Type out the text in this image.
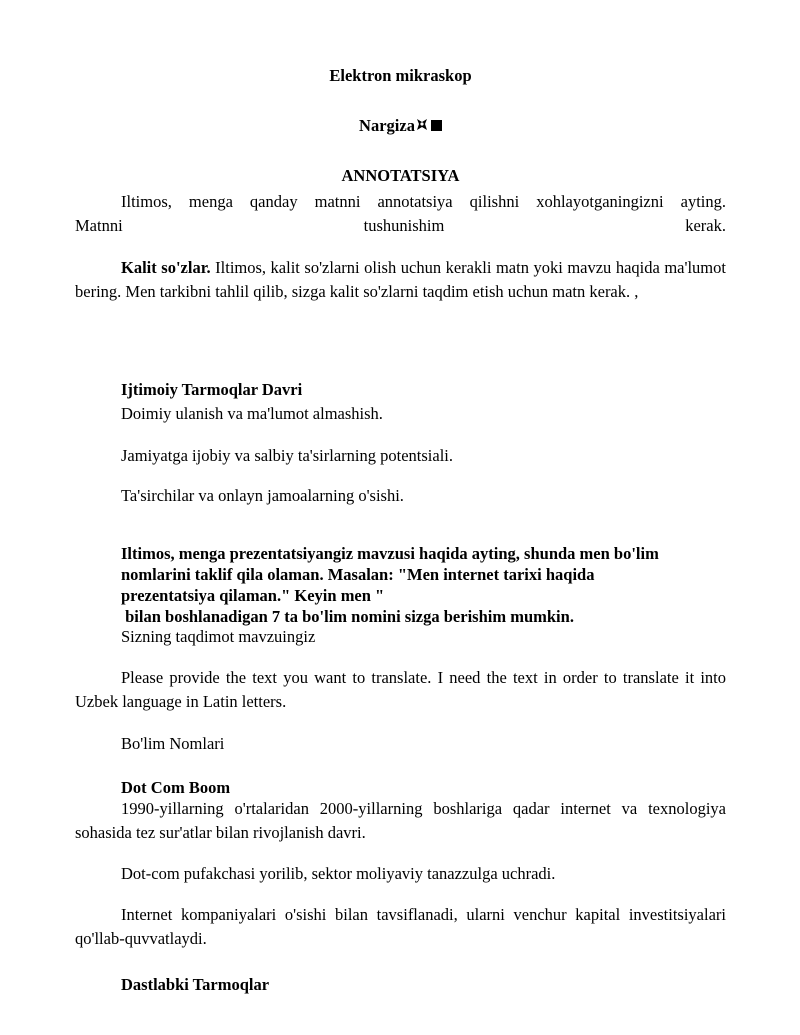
Elektron mikraskop
Nargiza
ANNOTATSIYA
Iltimos, menga qanday matnni annotatsiya qilishni xohlayotganingizni ayting.
Matnni tushunishim kerak.
Kalit so'zlar. Iltimos, kalit so'zlarni olish uchun kerakli matn yoki mavzu haqida ma'lumot bering. Men tarkibni tahlil qilib, sizga kalit so'zlarni taqdim etish uchun matn kerak. ,
Ijtimoiy Tarmoqlar Davri
Doimiy ulanish va ma'lumot almashish.
Jamiyatga ijobiy va salbiy ta'sirlarning potentsiali.
Ta'sirchilar va onlayn jamoalarning o'sishi.
Iltimos, menga prezentatsiyangiz mavzusi haqida ayting, shunda men bo'lim
nomlarini taklif qila olaman. Masalan: "Men internet tarixi haqida
prezentatsiya qilaman." Keyin men "
bilan boshlanadigan 7 ta bo'lim nomini sizga berishim mumkin.
Sizning taqdimot mavzuingiz
Please provide the text you want to translate. I need the text in order to translate it into Uzbek language in Latin letters.
Bo'lim Nomlari
Dot Com Boom
1990-yillarning o'rtalaridan 2000-yillarning boshlariga qadar internet va texnologiya sohasida tez sur'atlar bilan rivojlanish davri.
Dot-com pufakchasi yorilib, sektor moliyaviy tanazzulga uchradi.
Internet kompaniyalari o'sishi bilan tavsiflanadi, ularni venchur kapital investitsiyalari qo'llab-quvvatlaydi.
Dastlabki Tarmoqlar
